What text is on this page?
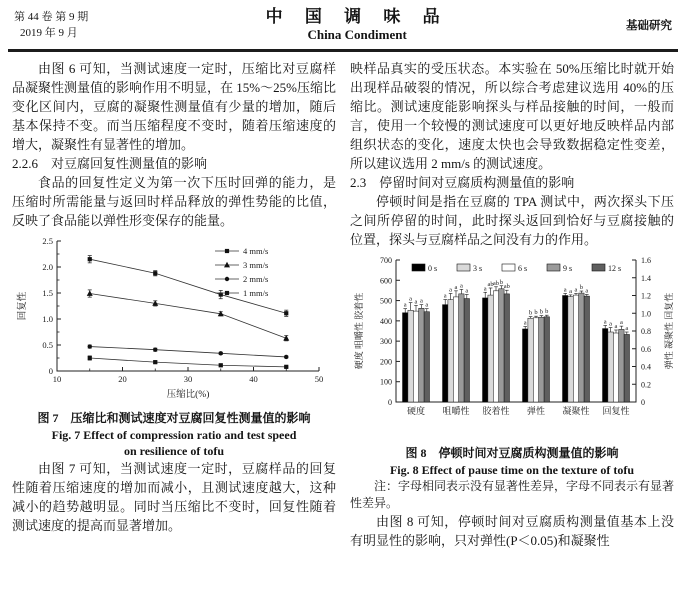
第 44 卷 第 9 期
2019 年 9 月
中 国 调 味 品
China Condiment
基础研究

由图 6 可知，当测试速度一定时，压缩比对豆腐样品凝聚性测量值的影响作用不明显，在 15%～25%压缩比变化区间内，豆腐的凝聚性测量值有少量的增加，随后基本保持不变。而当压缩程度不变时，随着压缩速度的增大，凝聚性有显著性的增加。

2.2.6　对豆腐回复性测量值的影响

食品的回复性定义为第一次下压时回弹的能力，是压缩时所需能量与返回时样品释放的弹性势能的比值，反映了食品能以弹性形变保存的能量。

10	20	30	40	50
0
0.5
1.0
1.5
2.0
2.5
压缩比(%)
回复性
4 mm/s
3 mm/s
2 mm/s
1 mm/s
图 7　压缩比和测试速度对豆腐回复性测量值的影响
Fig. 7 Effect of compression ratio and test speed
on resilience of tofu

由图 7 可知，当测试速度一定时，豆腐样品的回复性随着压缩速度的增加而减小，且测试速度越大，这种减小的趋势越明显。同时当压缩比不变时，回复性随着测试速度的提高而显著增加。

映样品真实的受压状态。本实验在 50%压缩比时就开始出现样品破裂的情况，所以综合考虑建议选用 40%的压缩比。测试速度能影响探头与样品接触的时间，一般而言，使用一个较慢的测试速度可以更好地反映样品内部组织状态的变化，速度太快也会导致数据稳定性变差，所以建议选用 2 mm/s 的测试速度。

2.3　停留时间对豆腐质构测量值的影响

停顿时间是指在豆腐的 TPA 测试中，两次探头下压之间所停留的时间，此时探头返回到恰好与豆腐接触的位置，探头与豆腐样品之间没有力的作用。

0
100
200
300
400
500
600
700
0
0.2
0.4
0.6
0.8
1.0
1.2
1.4
1.6
硬度 咀嚼性 胶着性	弹性 凝聚性 回复性
a
a
a
a
a
a
a
a
ab
b
a
a
a
a
ab
b
a
a
a
a
b
b
b
a
a
a
ab
b
a
a
0 s	3 s	6 s	9 s	12 s
硬度 咀嚼性 胶着性 弹性 凝聚性 回复性
图 8　停顿时间对豆腐质构测量值的影响
Fig. 8 Effect of pause time on the texture of tofu

注：字母相同表示没有显著性差异，字母不同表示有显著性差异。

由图 8 可知，停顿时间对豆腐质构测量值基本上没有明显性的影响，只对弹性(P＜0.05)和凝聚性
